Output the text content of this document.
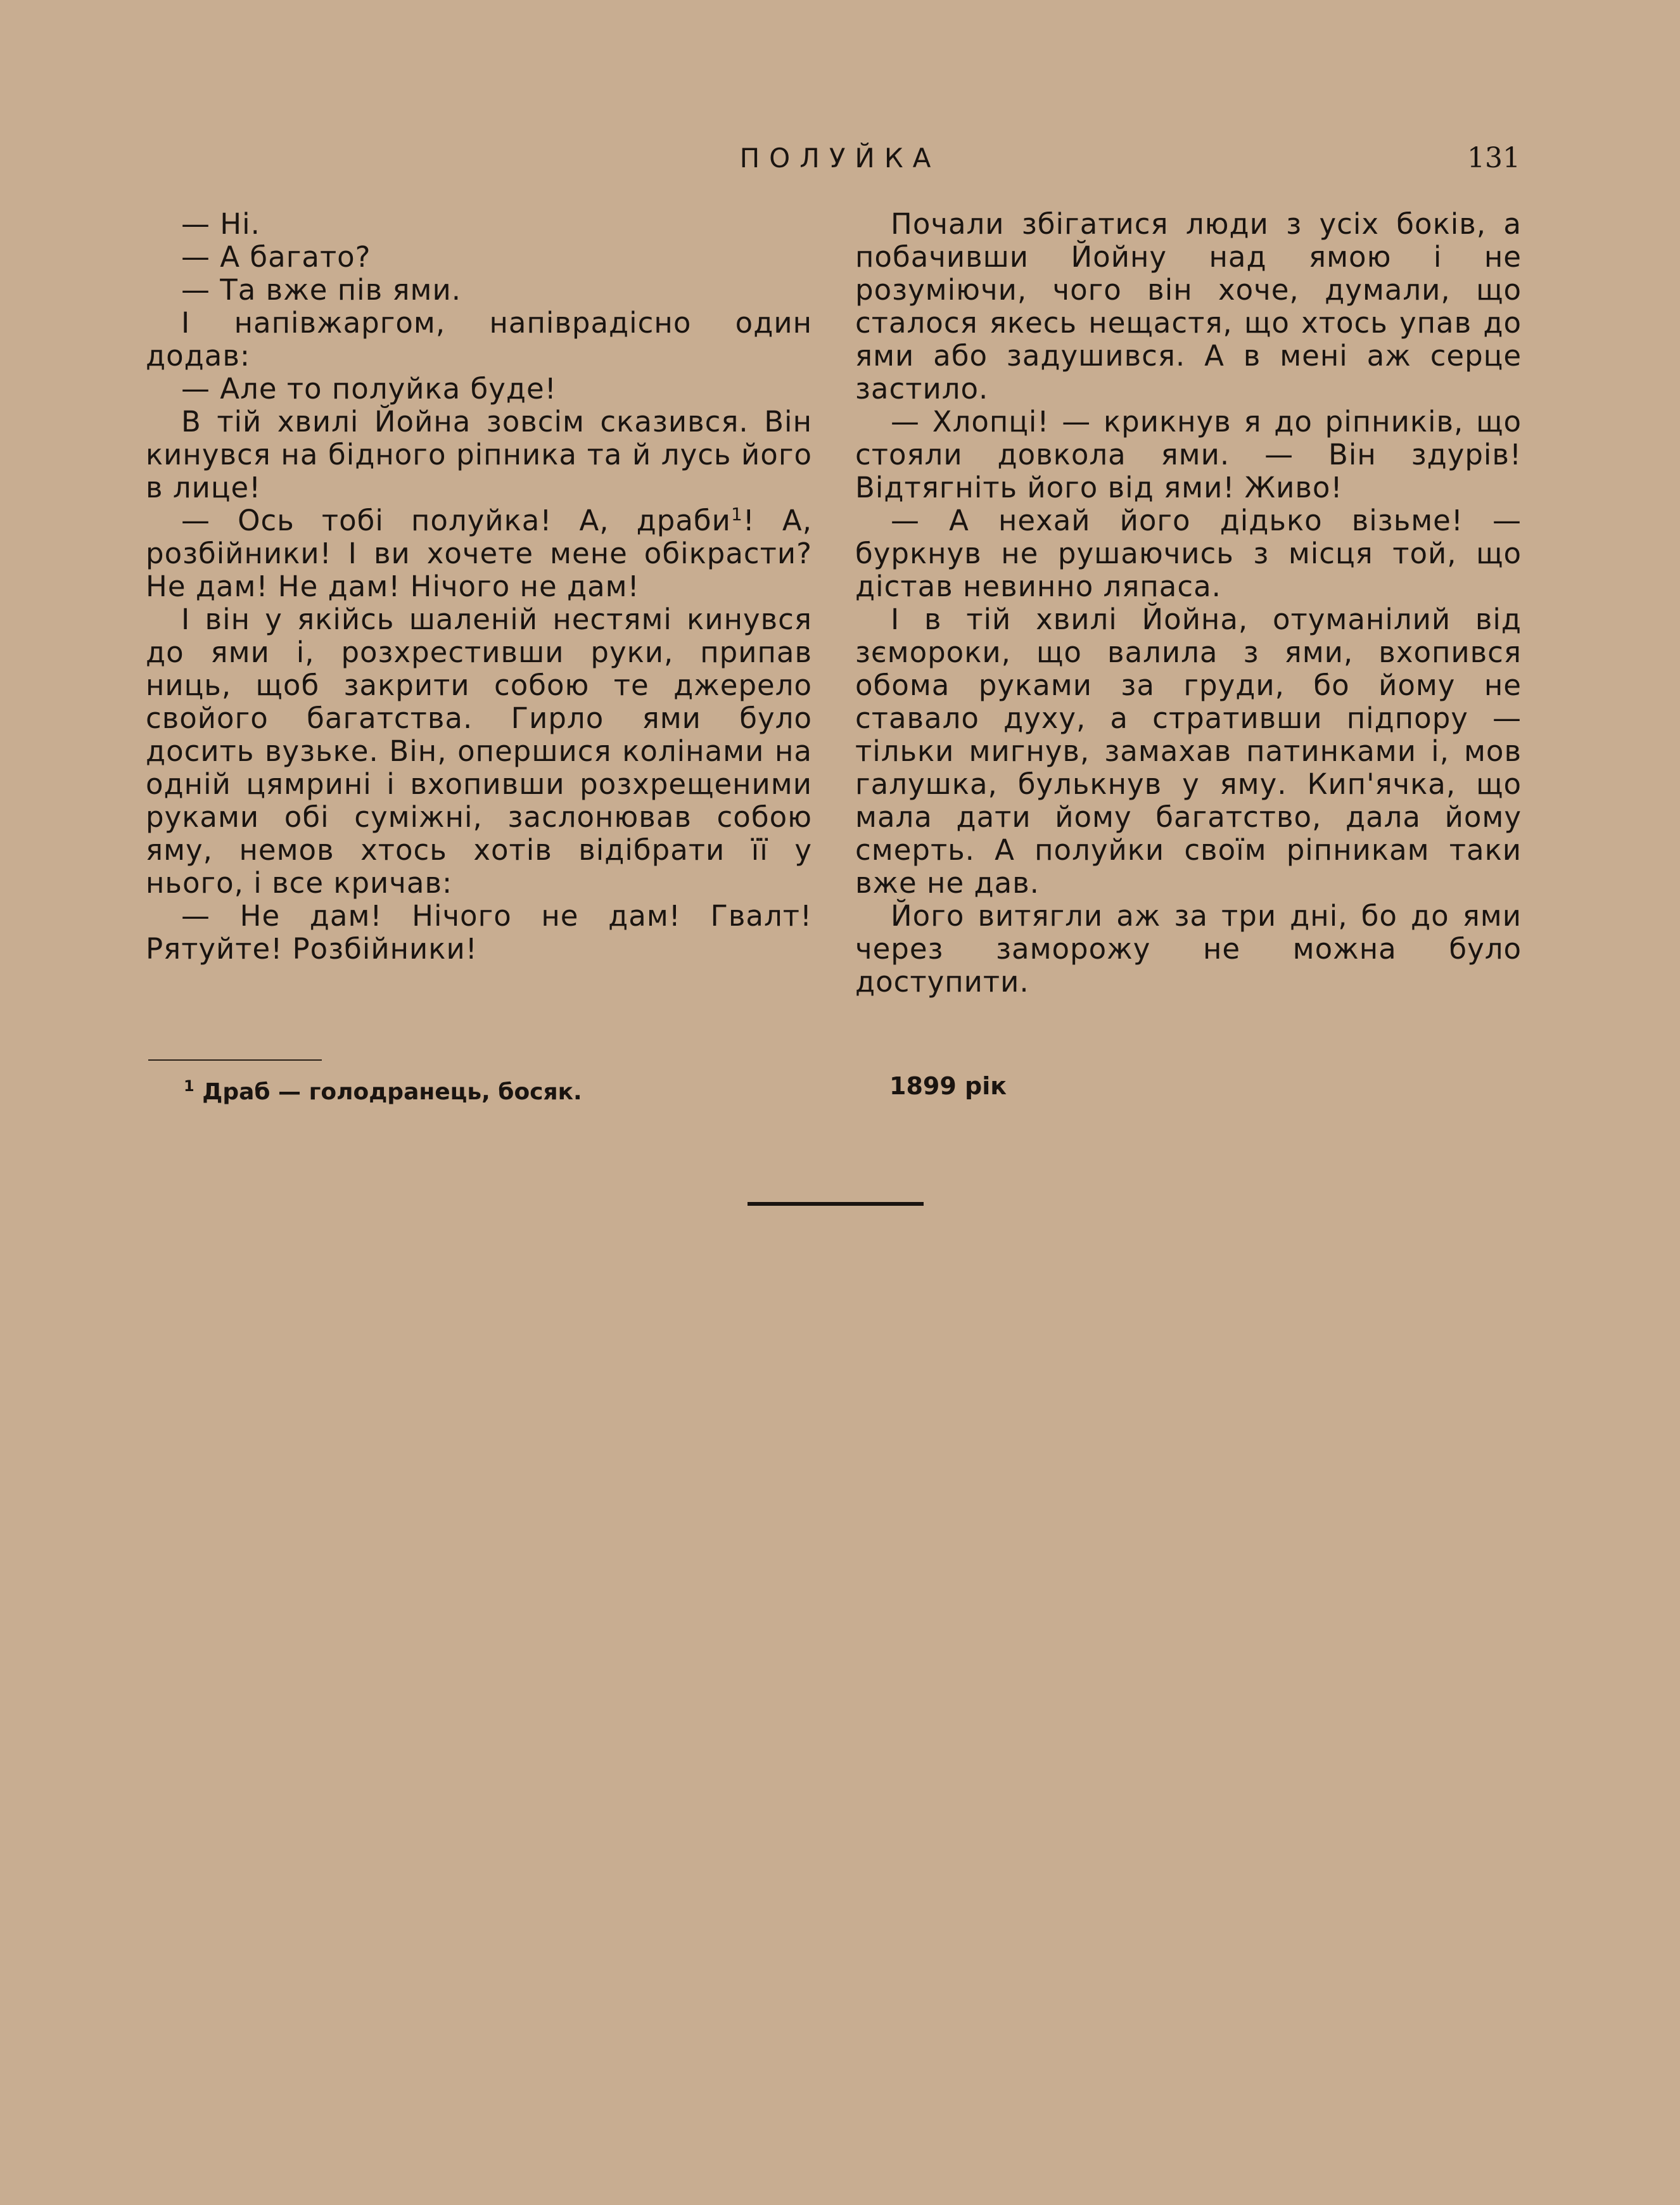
ПОЛУЙКА	131

— Ні.

— А багато?

— Та вже пів ями.

І напівжаргом, напіврадісно один додав:

— Але то полуйка буде!

В тій хвилі Йойна зовсім сказився. Він кинувся на бідного ріпника та й лусь його в лице!

— Ось тобі полуйка! А, драби$^1$! А, розбійники! І ви хочете мене обікрасти? Не дам! Не дам! Нічого не дам!

І він у якійсь шаленій нестямі кинувся до ями і, розхрестивши руки, припав ниць, щоб закрити собою те джерело свойого багатства. Гирло ями було досить вузьке. Він, опершися колінами на одній цямрині і вхопивши розхрещеними руками обі суміжні, заслонював собою яму, немов хтось хотів відібрати її у нього, і все кричав:

— Не дам! Нічого не дам! Гвалт! Рятуйте! Розбійники!

Почали збігатися люди з усіх боків, а побачивши Йойну над ямою і не розуміючи, чого він хоче, думали, що сталося якесь нещастя, що хтось упав до ями або задушився. А в мені аж серце застило.

— Хлопці! — крикнув я до ріпників, що стояли довкола ями. — Він здурів! Відтягніть його від ями! Живо!

— А нехай його дідько візьме! — буркнув не рушаючись з місця той, що дістав невинно ляпаса.

І в тій хвилі Йойна, отуманілий від зємороки, що валила з ями, вхопився обома руками за груди, бо йому не ставало духу, а стративши підпору — тільки мигнув, замахав патинками і, мов галушка, булькнув у яму. Кип'ячка, що мала дати йому багатство, дала йому смерть. А полуйки своїм ріпникам таки вже не дав.

Його витягли аж за три дні, бо до ями через заморожу не можна було доступити.

$^1$ Драб — голодранець, босяк.	1899 рік
